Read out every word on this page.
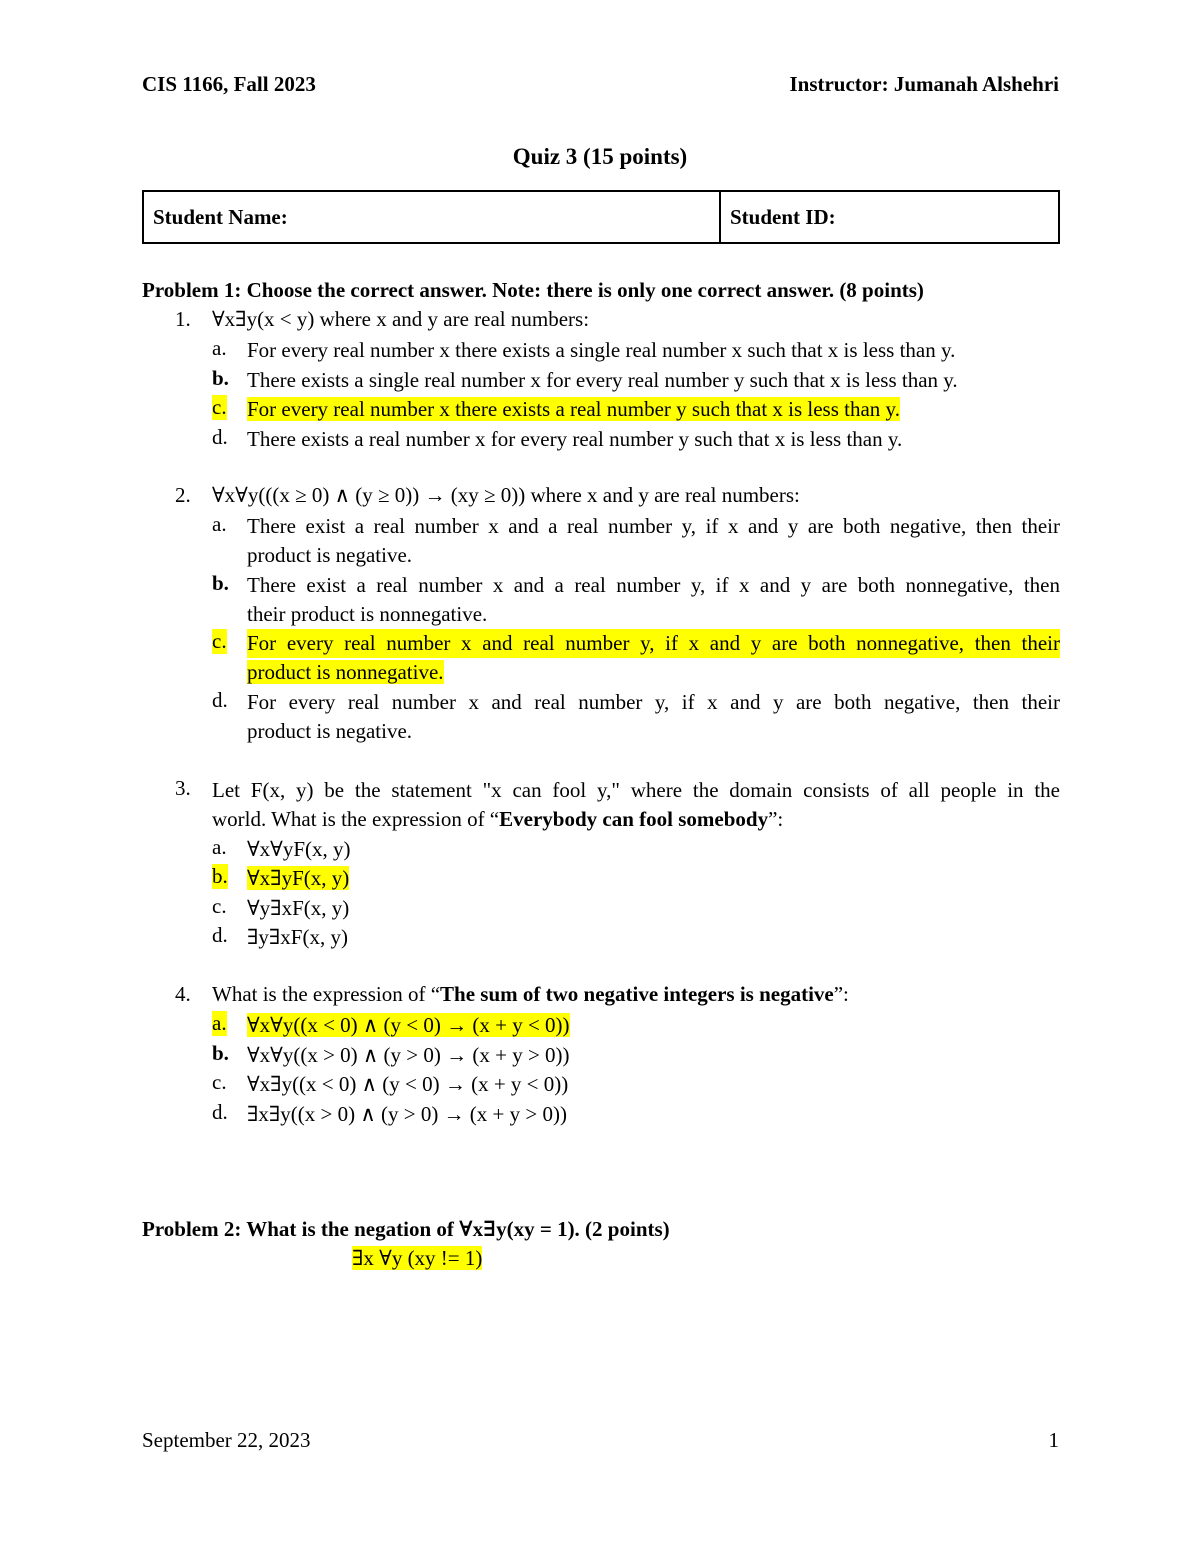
CIS 1166, Fall 2023	Instructor: Jumanah Alshehri
Quiz 3 (15 points)
Student Name:	Student ID:
Problem 1: Choose the correct answer. Note: there is only one correct answer. (8 points)
1. ∀x∃y(x < y) where x and y are real numbers:
a. For every real number x there exists a single real number x such that x is less than y.
b. There exists a single real number x for every real number y such that x is less than y.
c. For every real number x there exists a real number y such that x is less than y.
d. There exists a real number x for every real number y such that x is less than y.
2. ∀x∀y(((x ≥ 0) ∧ (y ≥ 0)) → (xy ≥ 0)) where x and y are real numbers:
a. There exist a real number x and a real number y, if x and y are both negative, then their
product is negative.
b. There exist a real number x and a real number y, if x and y are both nonnegative, then
their product is nonnegative.
c. For every real number x and real number y, if x and y are both nonnegative, then their
product is nonnegative.
d. For every real number x and real number y, if x and y are both negative, then their
product is negative.
3. Let F(x, y) be the statement "x can fool y," where the domain consists of all people in the
world. What is the expression of “Everybody can fool somebody”:
a. ∀x∀yF(x, y)
b. ∀x∃yF(x, y)
c. ∀y∃xF(x, y)
d. ∃y∃xF(x, y)
4. What is the expression of “The sum of two negative integers is negative”:
a. ∀x∀y((x < 0) ∧ (y < 0) → (x + y < 0))
b. ∀x∀y((x > 0) ∧ (y > 0) → (x + y > 0))
c. ∀x∃y((x < 0) ∧ (y < 0) → (x + y < 0))
d. ∃x∃y((x > 0) ∧ (y > 0) → (x + y > 0))
Problem 2: What is the negation of ∀x∃y(xy = 1). (2 points)
∃x ∀y (xy != 1)
September 22, 2023	1
